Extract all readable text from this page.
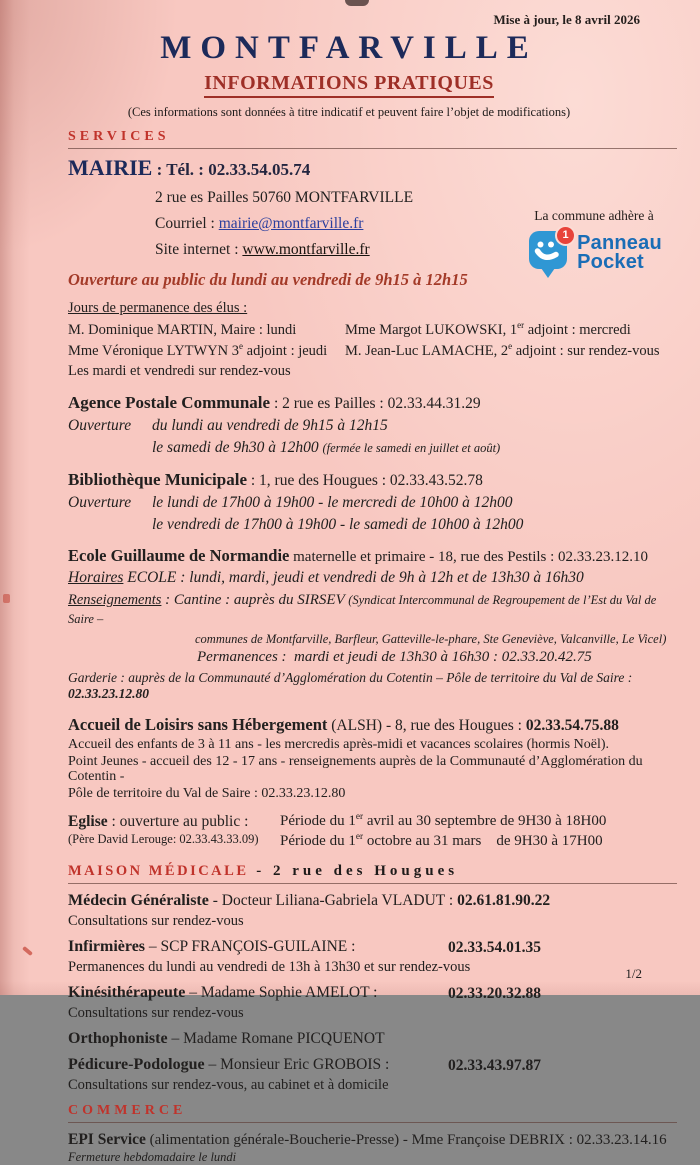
Mise à jour, le 8 avril 2026
MONTFARVILLE
INFORMATIONS PRATIQUES
(Ces informations sont données à titre indicatif et peuvent faire l’objet de modifications)
SERVICES
MAIRIE : Tél. : 02.33.54.05.74
2 rue es Pailles 50760 MONTFARVILLE
Courriel : mairie@montfarville.fr
Site internet : www.montfarville.fr
La commune adhère à
1 Panneau
Pocket
Ouverture au public du lundi au vendredi de 9h15 à 12h15
Jours de permanence des élus :
M. Dominique MARTIN, Maire : lundi	Mme Margot LUKOWSKI, 1er adjoint : mercredi
Mme Véronique LYTWYN 3e adjoint : jeudi	M. Jean-Luc LAMACHE, 2e adjoint : sur rendez-vous
Les mardi et vendredi sur rendez-vous
Agence Postale Communale : 2 rue es Pailles : 02.33.44.31.29
Ouverture du lundi au vendredi de 9h15 à 12h15
le samedi de 9h30 à 12h00 (fermée le samedi en juillet et août)
Bibliothèque Municipale : 1, rue des Hougues : 02.33.43.52.78
Ouverture le lundi de 17h00 à 19h00 - le mercredi de 10h00 à 12h00
le vendredi de 17h00 à 19h00 - le samedi de 10h00 à 12h00
Ecole Guillaume de Normandie maternelle et primaire - 18, rue des Pestils : 02.33.23.12.10
Horaires ECOLE : lundi, mardi, jeudi et vendredi de 9h à 12h et de 13h30 à 16h30
Renseignements : Cantine : auprès du SIRSEV (Syndicat Intercommunal de Regroupement de l’Est du Val de Saire –
communes de Montfarville, Barfleur, Gatteville-le-phare, Ste Geneviève, Valcanville, Le Vicel)
Permanences :  mardi et jeudi de 13h30 à 16h30 : 02.33.20.42.75
Garderie : auprès de la Communauté d’Agglomération du Cotentin – Pôle de territoire du Val de Saire : 02.33.23.12.80
Accueil de Loisirs sans Hébergement (ALSH) - 8, rue des Hougues : 02.33.54.75.88
Accueil des enfants de 3 à 11 ans - les mercredis après-midi et vacances scolaires (hormis Noël).
Point Jeunes - accueil des 12 - 17 ans - renseignements auprès de la Communauté d’Agglomération du Cotentin -
Pôle de territoire du Val de Saire : 02.33.23.12.80
Eglise : ouverture au public :	Période du 1er avril au 30 septembre de 9H30 à 18H00
(Père David Lerouge: 02.33.43.33.09)	Période du 1er octobre au 31 mars    de 9H30 à 17H00
MAISON MÉDICALE - 2 rue des Hougues
Médecin Généraliste - Docteur Liliana-Gabriela VLADUT : 02.61.81.90.22
Consultations sur rendez-vous
Infirmières – SCP FRANÇOIS-GUILAINE :	02.33.54.01.35
Permanences du lundi au vendredi de 13h à 13h30 et sur rendez-vous
Kinésithérapeute – Madame Sophie AMELOT :	02.33.20.32.88
Consultations sur rendez-vous
Orthophoniste – Madame Romane PICQUENOT
Pédicure-Podologue – Monsieur Eric GROBOIS :	02.33.43.97.87
Consultations sur rendez-vous, au cabinet et à domicile
COMMERCE
EPI Service (alimentation générale-Boucherie-Presse) - Mme Françoise DEBRIX : 02.33.23.14.16
Fermeture hebdomadaire le lundi
1/2
